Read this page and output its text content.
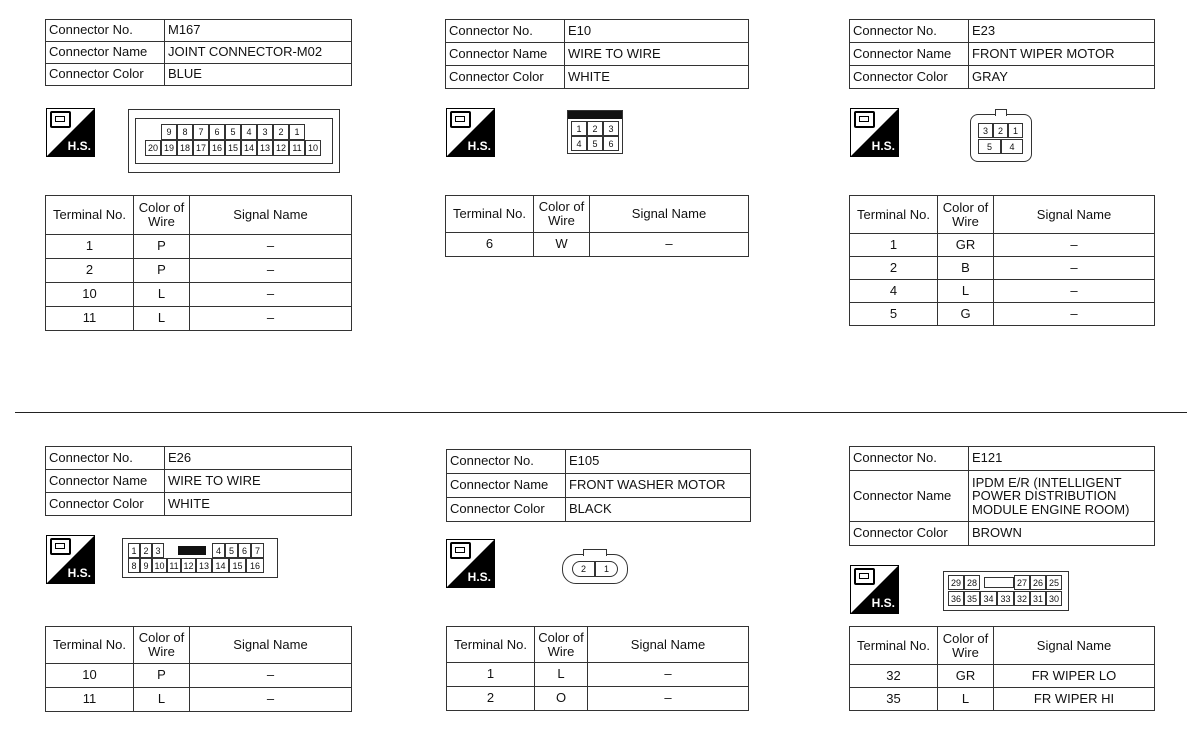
Connector No.	M167
Connector Name	JOINT CONNECTOR-M02
Connector Color	BLUE
H.S.
9	8	7	6	5	4	3	2	1
20 19 18 17 16 15 14 13 12 11 10
Terminal No.	Color of Wire	Signal Name
1	P	–
2	P	–
10	L	–
11	L	–
Connector No.	E10
Connector Name	WIRE TO WIRE
Connector Color	WHITE
H.S.
1	2	3
4	5	6
Terminal No.	Color of Wire	Signal Name
6	W	–
Connector No.	E23
Connector Name	FRONT WIPER MOTOR
Connector Color	GRAY
H.S.
3	2	1
5	4
Terminal No.	Color of Wire	Signal Name
1	GR	–
2	B	–
4	L	–
5	G	–
Connector No.	E26
Connector Name	WIRE TO WIRE
Connector Color	WHITE
H.S.
1 2 3	4 5 6 7
8 9 10 11 12 13 14 15 16
Terminal No.	Color of Wire	Signal Name
10	P	–
11	L	–
Connector No.	E105
Connector Name	FRONT WASHER MOTOR
Connector Color	BLACK
H.S.
2	1
Terminal No.	Color of Wire	Signal Name
1	L	–
2	O	–
Connector No.	E121
Connector Name	IPDM E/R (INTELLIGENT POWER DISTRIBUTION MODULE ENGINE ROOM)
Connector Color	BROWN
H.S.
29 28	27 26 25
36 35 34 33 32 31 30
Terminal No.	Color of Wire	Signal Name
32	GR	FR WIPER LO
35	L	FR WIPER HI
